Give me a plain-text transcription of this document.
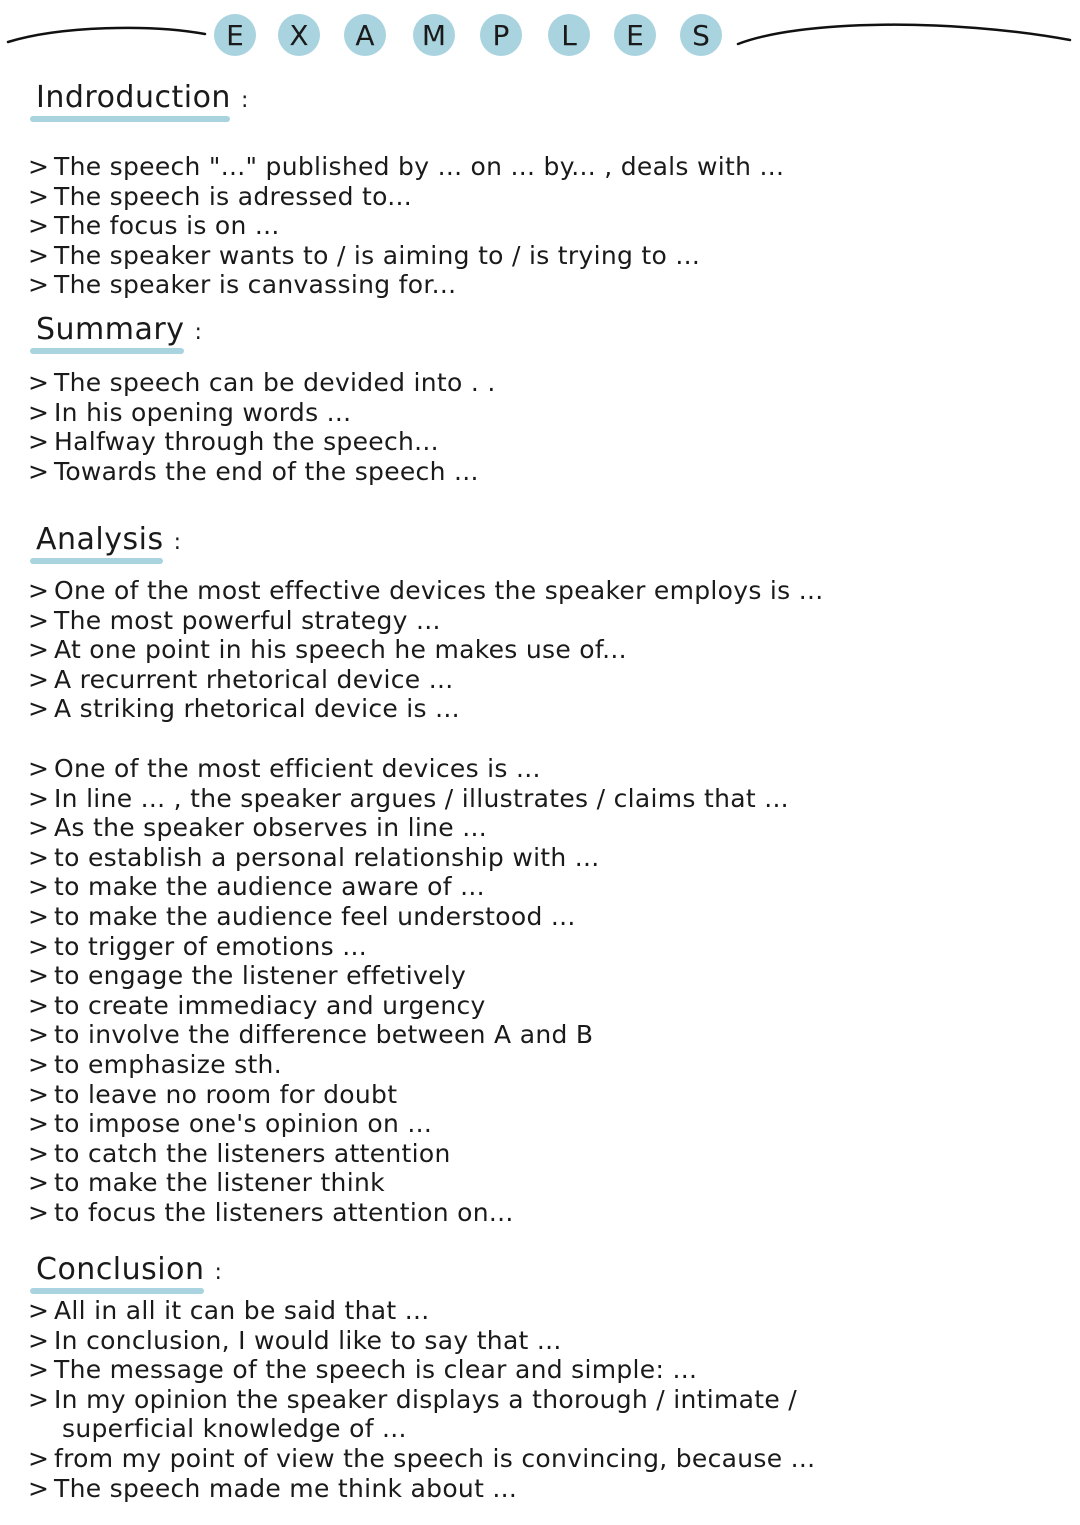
E	X	A	M	P	L	E	S
Indroduction :
> The speech "..." published by ... on ... by... , deals with ...
> The speech is adressed to...
> The focus is on ...
> The speaker wants to / is aiming to / is trying to ...
> The speaker is canvassing for...
Summary :
> The speech can be devided into . .
> In his opening words ...
> Halfway through the speech...
> Towards the end of the speech ...
Analysis :
> One of the most effective devices the speaker employs is ...
> The most powerful strategy ...
> At one point in his speech he makes use of...
> A recurrent rhetorical device ...
> A striking rhetorical device is ...
> One of the most efficient devices is ...
> In line ... , the speaker argues / illustrates / claims that ...
> As the speaker observes in line ...
> to establish a personal relationship with ...
> to make the audience aware of ...
> to make the audience feel understood ...
> to trigger of emotions ...
> to engage the listener effetively
> to create immediacy and urgency
> to involve the difference between A and B
> to emphasize sth.
> to leave no room for doubt
> to impose one's opinion on ...
> to catch the listeners attention
> to make the listener think
> to focus the listeners attention on...
Conclusion :
> All in all it can be said that ...
> In conclusion, I would like to say that ...
> The message of the speech is clear and simple: ...
> In my opinion the speaker displays a thorough / intimate /
superficial knowledge of ...
> from my point of view the speech is convincing, because ...
> The speech made me think about ...
